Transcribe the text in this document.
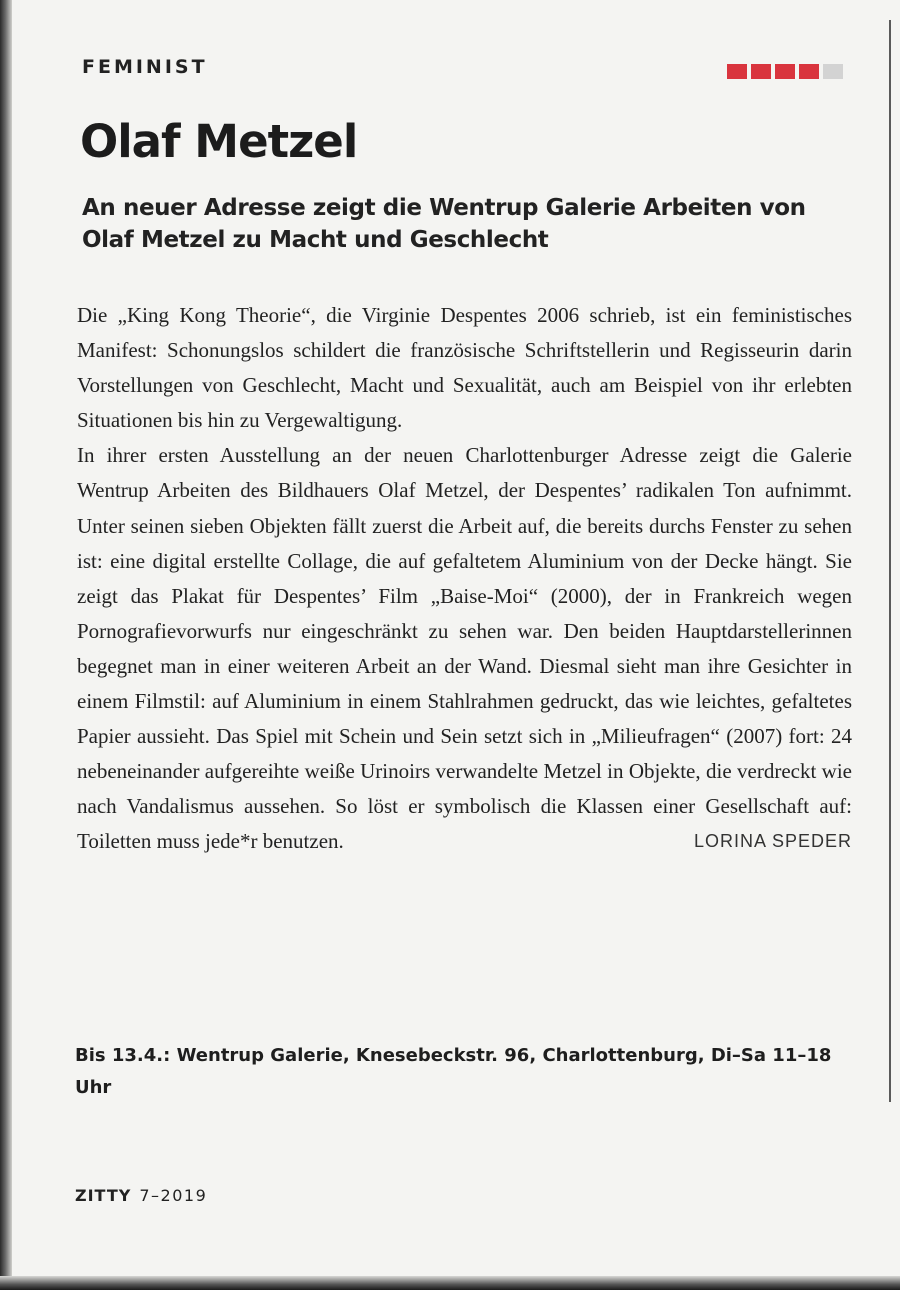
FEMINIST
Olaf Metzel
An neuer Adresse zeigt die Wentrup Galerie Arbeiten von Olaf Metzel zu Macht und Geschlecht

Die „King Kong Theorie“, die Virginie Despentes 2006 schrieb, ist ein feministisches Manifest: Schonungslos schildert die französische Schriftstellerin und Regisseurin darin Vorstellungen von Geschlecht, Macht und Sexualität, auch am Beispiel von ihr erlebten Situationen bis hin zu Vergewaltigung.

In ihrer ersten Ausstellung an der neuen Charlottenburger Adresse zeigt die Galerie Wentrup Arbeiten des Bildhauers Olaf Metzel, der Despentes’ radikalen Ton aufnimmt. Unter seinen sieben Objekten fällt zuerst die Arbeit auf, die bereits durchs Fenster zu sehen ist: eine digital erstellte Collage, die auf gefaltetem Aluminium von der Decke hängt. Sie zeigt das Plakat für Despentes’ Film „Baise-Moi“ (2000), der in Frankreich wegen Pornografievorwurfs nur eingeschränkt zu sehen war. Den beiden Hauptdarstellerinnen begegnet man in einer weiteren Arbeit an der Wand. Diesmal sieht man ihre Gesichter in einem Filmstil: auf Aluminium in einem Stahlrahmen gedruckt, das wie leichtes, gefaltetes Papier aussieht. Das Spiel mit Schein und Sein setzt sich in „Milieufragen“ (2007) fort: 24 nebeneinander aufgereihte weiße Urinoirs verwandelte Metzel in Objekte, die verdreckt wie nach Vandalismus aussehen. So löst er symbolisch die Klassen einer Gesellschaft auf: Toiletten muss jede*r benutzen.	LORINA SPEDER

Bis 13.4.: Wentrup Galerie, Knesebeckstr. 96, Charlottenburg, Di–Sa 11–18 Uhr

ZITTY 7–2019
